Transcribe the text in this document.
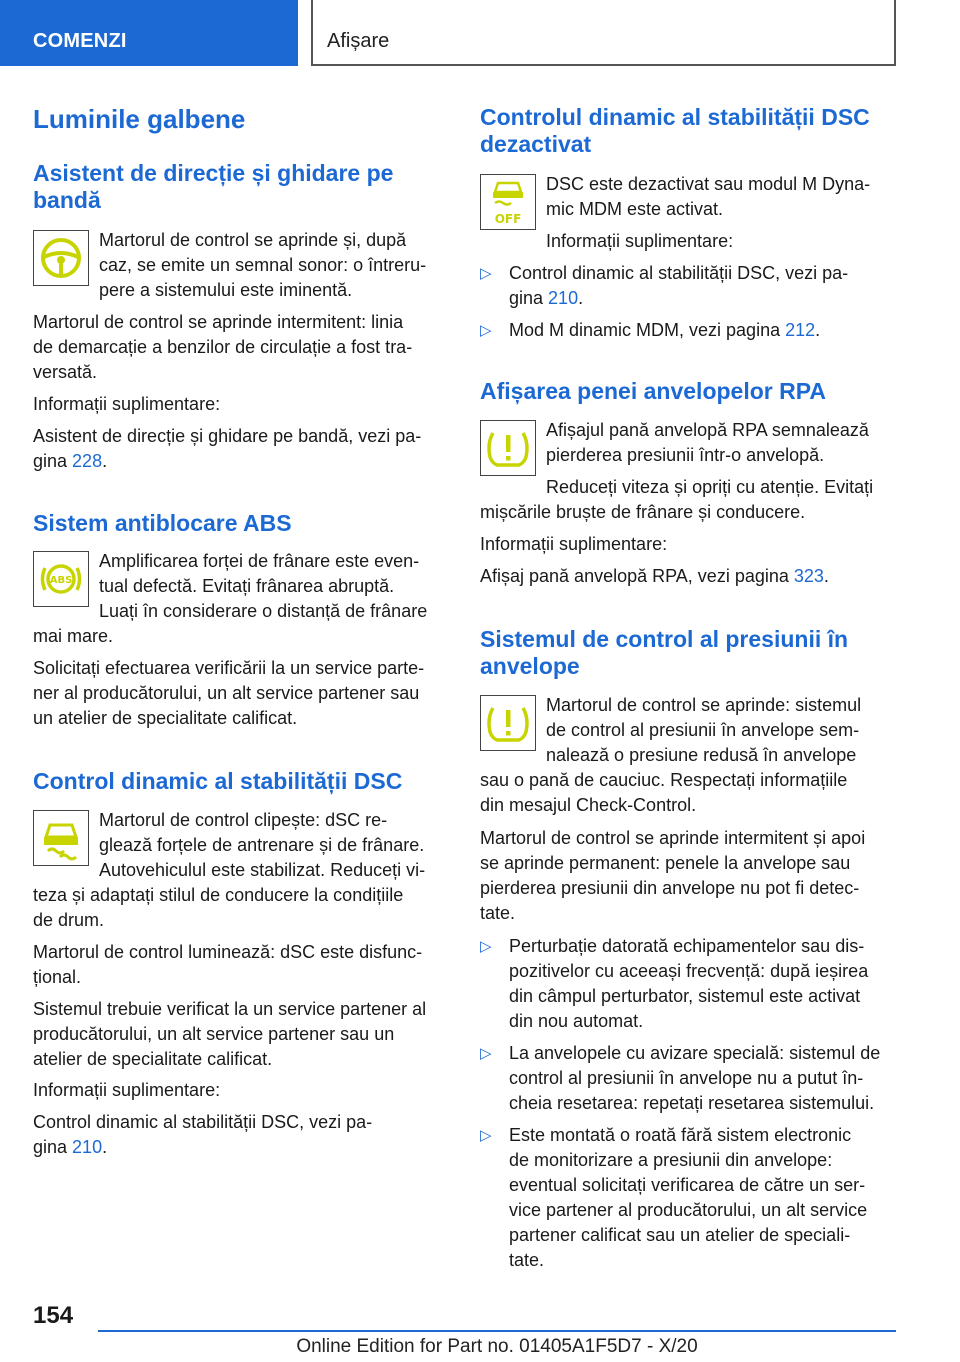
COMENZI	Afișare
Luminile galbene
Asistent de direcție și ghidare pe bandă
Martorul de control se aprinde și, după
caz, se emite un semnal sonor: o întreru-
pere a sistemului este iminentă.
Martorul de control se aprinde intermitent: linia
de demarcație a benzilor de circulație a fost tra-
versată.
Informații suplimentare:
Asistent de direcție și ghidare pe bandă, vezi pa-
gina 228.
Sistem antiblocare ABS
ABS
Amplificarea forței de frânare este even-
tual defectă. Evitați frânarea abruptă.
Luați în considerare o distanță de frânare
mai mare.
Solicitați efectuarea verificării la un service parte-
ner al producătorului, un alt service partener sau
un atelier de specialitate calificat.
Control dinamic al stabilității DSC
Martorul de control clipește: dSC re-
glează forțele de antrenare și de frânare.
Autovehiculul este stabilizat. Reduceți vi-
teza și adaptați stilul de conducere la condițiile
de drum.
Martorul de control luminează: dSC este disfunc-
țional.
Sistemul trebuie verificat la un service partener al
producătorului, un alt service partener sau un
atelier de specialitate calificat.
Informații suplimentare:
Control dinamic al stabilității DSC, vezi pa-
gina 210.
Controlul dinamic al stabilității DSC
dezactivat
OFF
DSC este dezactivat sau modul M Dyna-
mic MDM este activat.
Informații suplimentare:
▷ Control dinamic al stabilității DSC, vezi pa-
gina 210.
▷ Mod M dinamic MDM, vezi pagina 212.
Afișarea penei anvelopelor RPA
Afișajul pană anvelopă RPA semnalează
pierderea presiunii într-o anvelopă.
Reduceți viteza și opriți cu atenție. Evitați
mișcările bruște de frânare și conducere.
Informații suplimentare:
Afișaj pană anvelopă RPA, vezi pagina 323.
Sistemul de control al presiunii în
anvelope
Martorul de control se aprinde: sistemul
de control al presiunii în anvelope sem-
nalează o presiune redusă în anvelope
sau o pană de cauciuc. Respectați informațiile
din mesajul Check-Control.
Martorul de control se aprinde intermitent și apoi
se aprinde permanent: penele la anvelope sau
pierderea presiunii din anvelope nu pot fi detec-
tate.
▷ Perturbație datorată echipamentelor sau dis-
pozitivelor cu aceeași frecvență: după ieșirea
din câmpul perturbator, sistemul este activat
din nou automat.
▷ La anvelopele cu avizare specială: sistemul de
control al presiunii în anvelope nu a putut în-
cheia resetarea: repetați resetarea sistemului.
▷ Este montată o roată fără sistem electronic
de monitorizare a presiunii din anvelope:
eventual solicitați verificarea de către un ser-
vice partener al producătorului, un alt service
partener calificat sau un atelier de speciali-
tate.
154
Online Edition for Part no. 01405A1F5D7 - X/20
